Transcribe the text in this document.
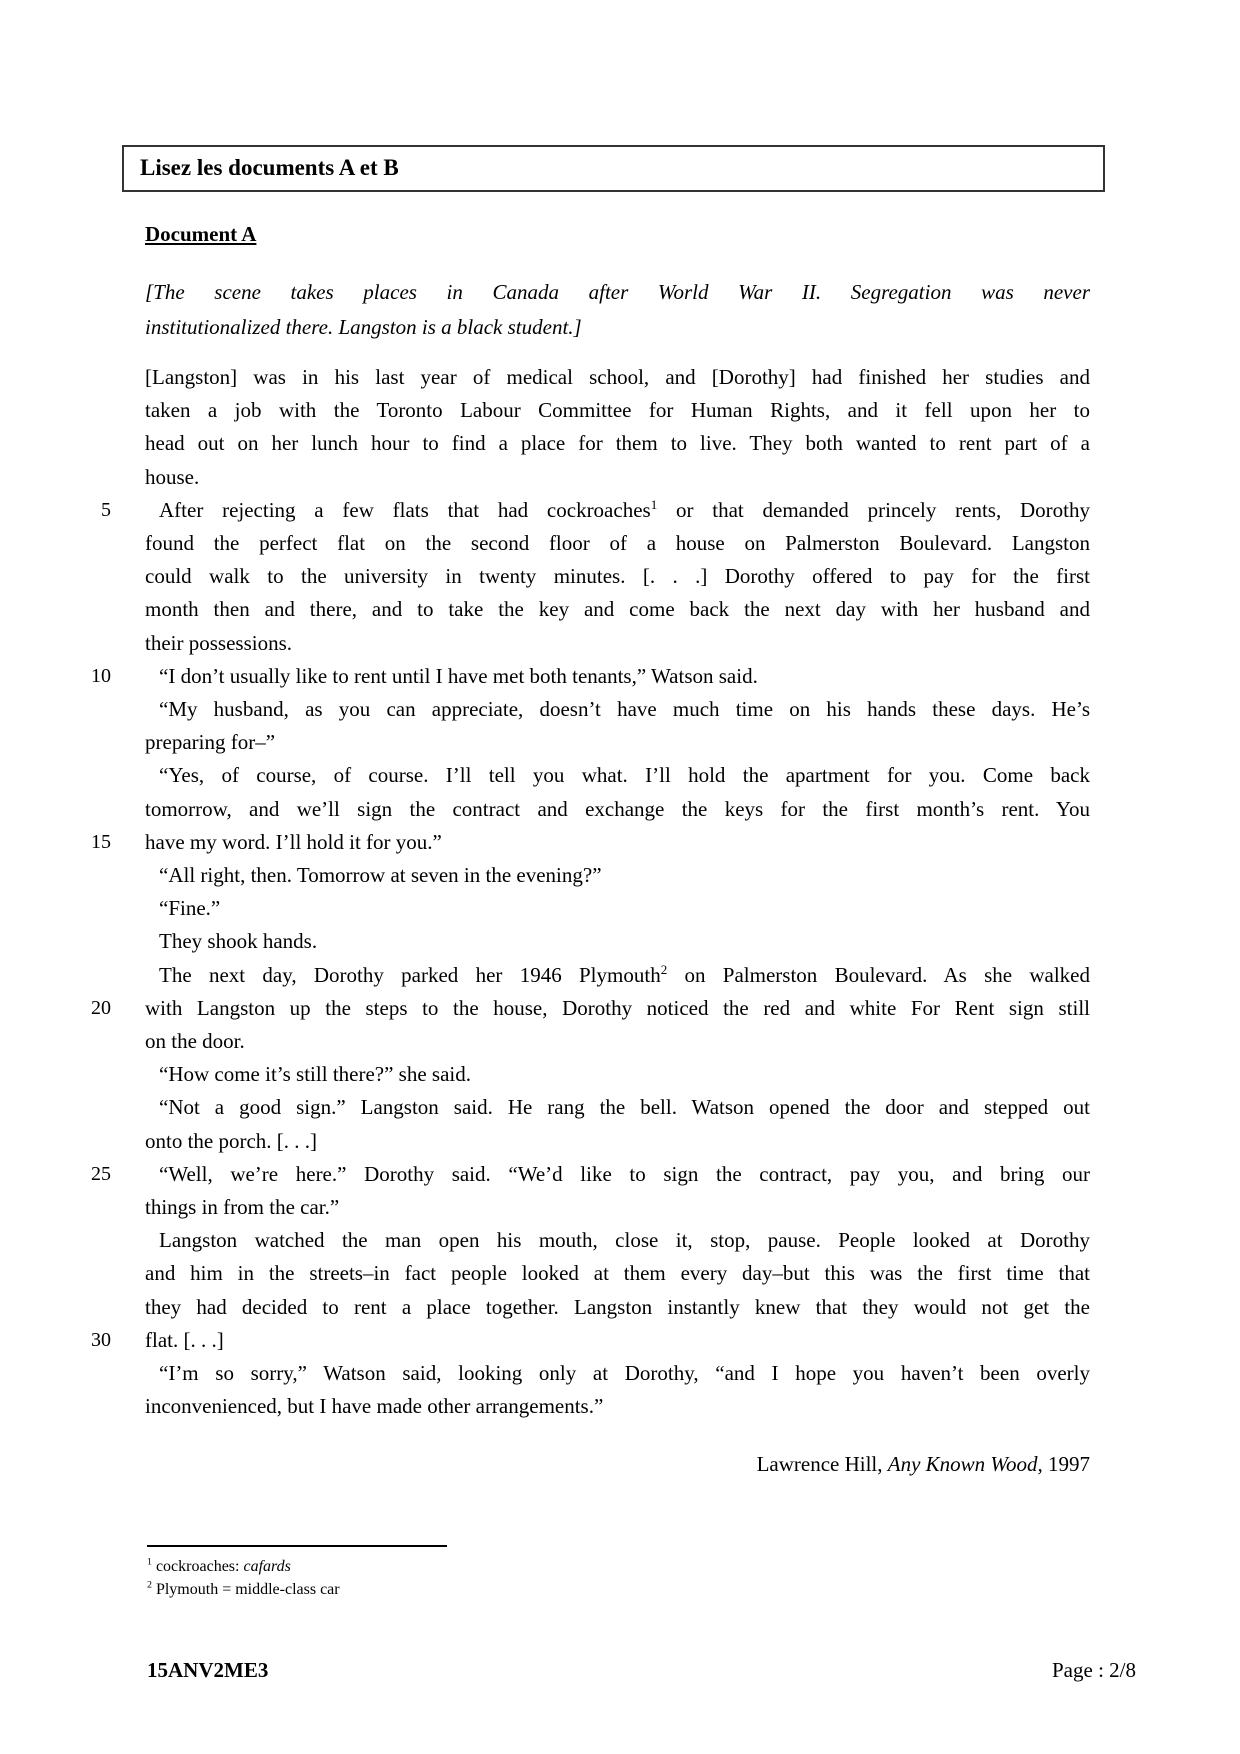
Lisez les documents A et B
Document A
[The scene takes places in Canada after World War II. Segregation was never
institutionalized there. Langston is a black student.]
[Langston] was in his last year of medical school, and [Dorothy] had finished her studies and
taken a job with the Toronto Labour Committee for Human Rights, and it fell upon her to
head out on her lunch hour to find a place for them to live. They both wanted to rent part of a
house.
5	After rejecting a few flats that had cockroaches$^1$ or that demanded princely rents, Dorothy
found the perfect flat on the second floor of a house on Palmerston Boulevard. Langston
could walk to the university in twenty minutes. [. . .] Dorothy offered to pay for the first
month then and there, and to take the key and come back the next day with her husband and
their possessions.
10	“I don’t usually like to rent until I have met both tenants,” Watson said.
“My husband, as you can appreciate, doesn’t have much time on his hands these days. He’s
preparing for–”
“Yes, of course, of course. I’ll tell you what. I’ll hold the apartment for you. Come back
tomorrow, and we’ll sign the contract and exchange the keys for the first month’s rent. You
15 have my word. I’ll hold it for you.”
“All right, then. Tomorrow at seven in the evening?”
“Fine.”
They shook hands.
The next day, Dorothy parked her 1946 Plymouth$^2$ on Palmerston Boulevard. As she walked
20 with Langston up the steps to the house, Dorothy noticed the red and white For Rent sign still
on the door.
“How come it’s still there?” she said.
“Not a good sign.” Langston said. He rang the bell. Watson opened the door and stepped out
onto the porch. [. . .]
25	“Well, we’re here.” Dorothy said. “We’d like to sign the contract, pay you, and bring our
things in from the car.”
Langston watched the man open his mouth, close it, stop, pause. People looked at Dorothy
and him in the streets–in fact people looked at them every day–but this was the first time that
they had decided to rent a place together. Langston instantly knew that they would not get the
30 flat. [. . .]
“I’m so sorry,” Watson said, looking only at Dorothy, “and I hope you haven’t been overly
inconvenienced, but I have made other arrangements.”
Lawrence Hill, Any Known Wood, 1997
$^1$ cockroaches: cafards
$^2$ Plymouth = middle-class car
15ANV2ME3	Page : 2/8
